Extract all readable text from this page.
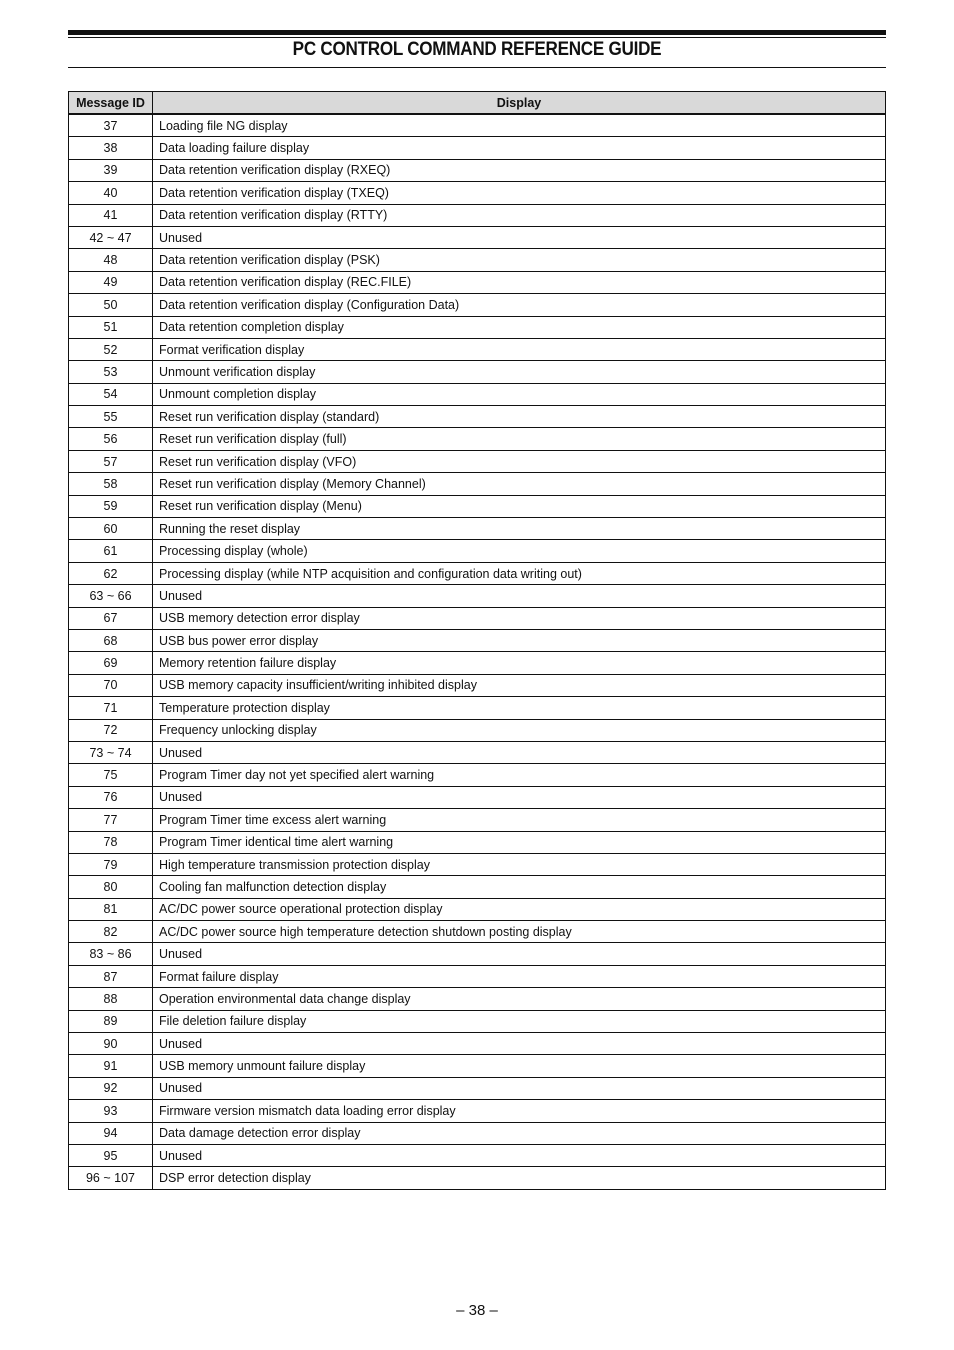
PC CONTROL COMMAND REFERENCE GUIDE
Message ID	Display
37	Loading file NG display
38	Data loading failure display
39	Data retention verification display (RXEQ)
40	Data retention verification display (TXEQ)
41	Data retention verification display (RTTY)
42 ~ 47	Unused
48	Data retention verification display (PSK)
49	Data retention verification display (REC.FILE)
50	Data retention verification display (Configuration Data)
51	Data retention completion display
52	Format verification display
53	Unmount verification display
54	Unmount completion display
55	Reset run verification display (standard)
56	Reset run verification display (full)
57	Reset run verification display (VFO)
58	Reset run verification display (Memory Channel)
59	Reset run verification display (Menu)
60	Running the reset display
61	Processing display (whole)
62	Processing display (while NTP acquisition and configuration data writing out)
63 ~ 66	Unused
67	USB memory detection error display
68	USB bus power error display
69	Memory retention failure display
70	USB memory capacity insufficient/writing inhibited display
71	Temperature protection display
72	Frequency unlocking display
73 ~ 74	Unused
75	Program Timer day not yet specified alert warning
76	Unused
77	Program Timer time excess alert warning
78	Program Timer identical time alert warning
79	High temperature transmission protection display
80	Cooling fan malfunction detection display
81	AC/DC power source operational protection display
82	AC/DC power source high temperature detection shutdown posting display
83 ~ 86	Unused
87	Format failure display
88	Operation environmental data change display
89	File deletion failure display
90	Unused
91	USB memory unmount failure display
92	Unused
93	Firmware version mismatch data loading error display
94	Data damage detection error display
95	Unused
96 ~ 107	DSP error detection display
– 38 –
